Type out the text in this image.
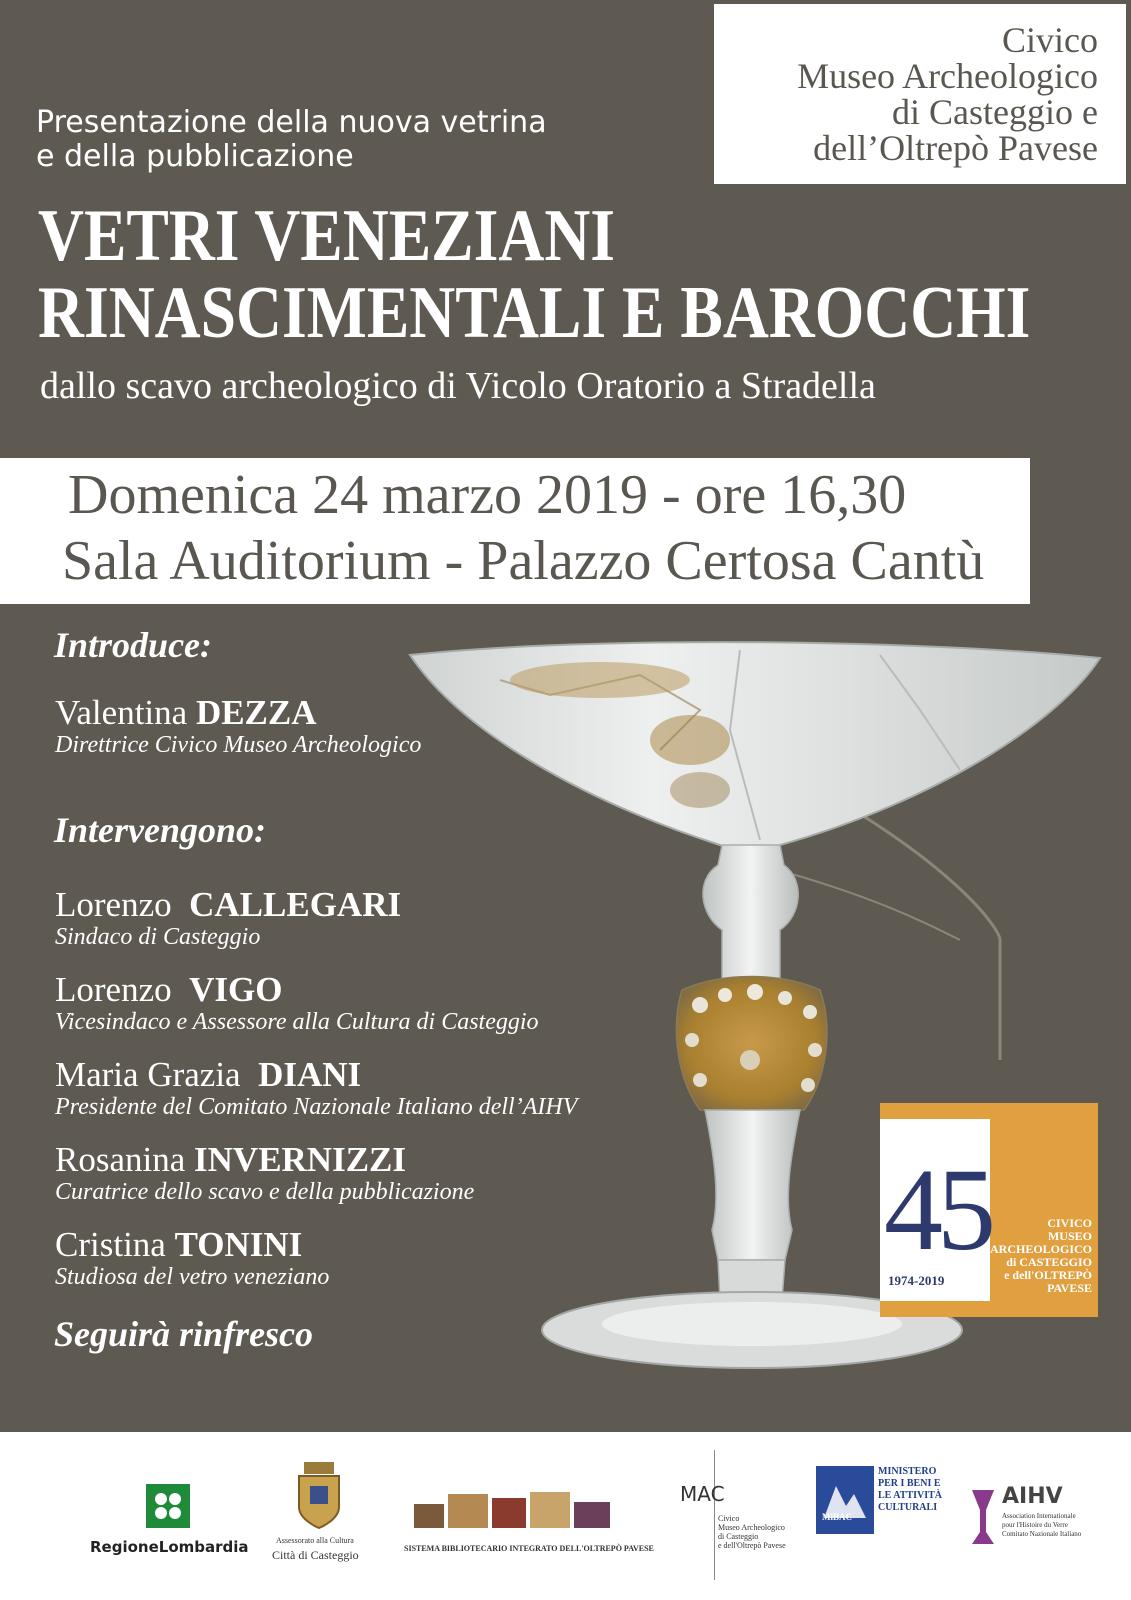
Civico
Museo Archeologico
di Casteggio e
dell’Oltrepò Pavese
Presentazione della nuova vetrina
e della pubblicazione
VETRI VENEZIANI
RINASCIMENTALI E BAROCCHI
dallo scavo archeologico di Vicolo Oratorio a Stradella
Domenica 24 marzo 2019 - ore 16,30
Sala Auditorium - Palazzo Certosa Cantù
Introduce:
Valentina DEZZA
Direttrice Civico Museo Archeologico
Intervengono:
Lorenzo CALLEGARI
Sindaco di Casteggio
Lorenzo VIGO
Vicesindaco e Assessore alla Cultura di Casteggio
Maria Grazia DIANI
Presidente del Comitato Nazionale Italiano dell’AIHV
Rosanina INVERNIZZI
Curatrice dello scavo e della pubblicazione
Cristina TONINI
Studiosa del vetro veneziano
Seguirà rinfresco
45
1974-2019
CIVICO
MUSEO
ARCHEOLOGICO
di CASTEGGIO
e dell'OLTREPÒ
PAVESE
RegioneLombardia	Assessorato alla Cultura
Città di Casteggio	SISTEMA BIBLIOTECARIO INTEGRATO DELL'OLTREPÒ PAVESE
MAC
Civico
Museo Archeologico
di Casteggio
e dell'Oltrepò Pavese
MiBAC
MINISTERO
PER I BENI E
LE ATTIVITÀ
CULTURALI	AIHV
Association Internationale
pour l'Histoire du Verre
Comitato Nazionale Italiano
